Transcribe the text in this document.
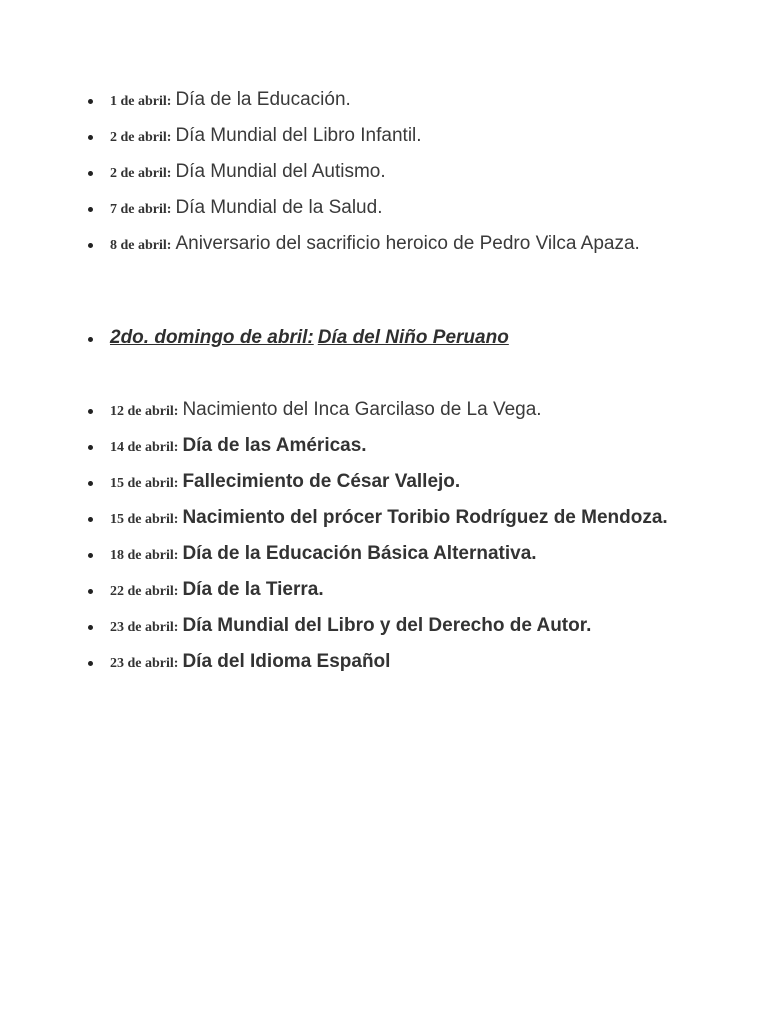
1 de abril: Día de la Educación.
2 de abril: Día Mundial del Libro Infantil.
2 de abril: Día Mundial del Autismo.
7 de abril: Día Mundial de la Salud.
8 de abril: Aniversario del sacrificio heroico de Pedro Vilca Apaza.
2do. domingo de abril: Día del Niño Peruano
12 de abril: Nacimiento del Inca Garcilaso de La Vega.
14 de abril: Día de las Américas.
15 de abril: Fallecimiento de César Vallejo.
15 de abril: Nacimiento del prócer Toribio Rodríguez de Mendoza.
18 de abril: Día de la Educación Básica Alternativa.
22 de abril: Día de la Tierra.
23 de abril: Día Mundial del Libro y del Derecho de Autor.
23 de abril: Día del Idioma Español
